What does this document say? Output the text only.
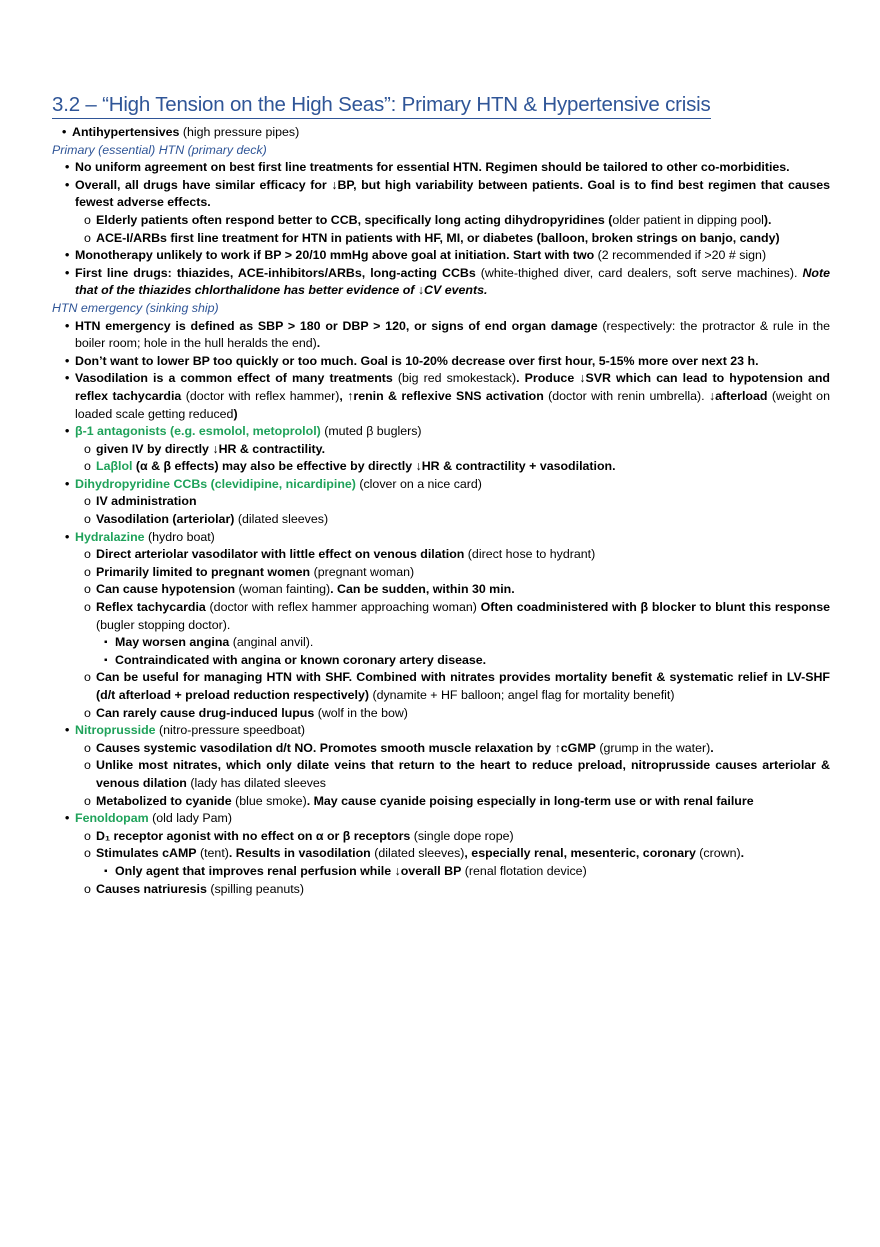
3.2 – “High Tension on the High Seas”: Primary HTN & Hypertensive crisis
• Antihypertensives (high pressure pipes)
Primary (essential) HTN (primary deck)
• No uniform agreement on best first line treatments for essential HTN. Regimen should be tailored to other co-morbidities.
• Overall, all drugs have similar efficacy for ↓BP, but high variability between patients. Goal is to find best regimen that causes fewest adverse effects.
o Elderly patients often respond better to CCB, specifically long acting dihydropyridines (older patient in dipping pool).
o ACE-I/ARBs first line treatment for HTN in patients with HF, MI, or diabetes (balloon, broken strings on banjo, candy)
• Monotherapy unlikely to work if BP > 20/10 mmHg above goal at initiation. Start with two (2 recommended if >20 # sign)
• First line drugs: thiazides, ACE-inhibitors/ARBs, long-acting CCBs (white-thighed diver, card dealers, soft serve machines). Note that of the thiazides chlorthalidone has better evidence of ↓CV events.
HTN emergency (sinking ship)
• HTN emergency is defined as SBP > 180 or DBP > 120, or signs of end organ damage (respectively: the protractor & rule in the boiler room; hole in the hull heralds the end).
• Don’t want to lower BP too quickly or too much. Goal is 10-20% decrease over first hour, 5-15% more over next 23 h.
• Vasodilation is a common effect of many treatments (big red smokestack). Produce ↓SVR which can lead to hypotension and reflex tachycardia (doctor with reflex hammer), ↑renin & reflexive SNS activation (doctor with renin umbrella). ↓afterload (weight on loaded scale getting reduced)
• β-1 antagonists (e.g. esmolol, metoprolol) (muted β buglers)
o given IV by directly ↓HR & contractility.
o Laβlol (α & β effects) may also be effective by directly ↓HR & contractility + vasodilation.
• Dihydropyridine CCBs (clevidipine, nicardipine) (clover on a nice card)
o IV administration
o Vasodilation (arteriolar) (dilated sleeves)
• Hydralazine (hydro boat)
o Direct arteriolar vasodilator with little effect on venous dilation (direct hose to hydrant)
o Primarily limited to pregnant women (pregnant woman)
o Can cause hypotension (woman fainting). Can be sudden, within 30 min.
o Reflex tachycardia (doctor with reflex hammer approaching woman) Often coadministered with β blocker to blunt this response (bugler stopping doctor).
▪ May worsen angina (anginal anvil).
▪ Contraindicated with angina or known coronary artery disease.
o Can be useful for managing HTN with SHF. Combined with nitrates provides mortality benefit & systematic relief in LV-SHF (d/t afterload + preload reduction respectively) (dynamite + HF balloon; angel flag for mortality benefit)
o Can rarely cause drug-induced lupus (wolf in the bow)
• Nitroprusside (nitro-pressure speedboat)
o Causes systemic vasodilation d/t NO. Promotes smooth muscle relaxation by ↑cGMP (grump in the water).
o Unlike most nitrates, which only dilate veins that return to the heart to reduce preload, nitroprusside causes arteriolar & venous dilation (lady has dilated sleeves
o Metabolized to cyanide (blue smoke). May cause cyanide poising especially in long-term use or with renal failure
• Fenoldopam (old lady Pam)
o D₁ receptor agonist with no effect on α or β receptors (single dope rope)
o Stimulates cAMP (tent). Results in vasodilation (dilated sleeves), especially renal, mesenteric, coronary (crown).
▪ Only agent that improves renal perfusion while ↓overall BP (renal flotation device)
o Causes natriuresis (spilling peanuts)
